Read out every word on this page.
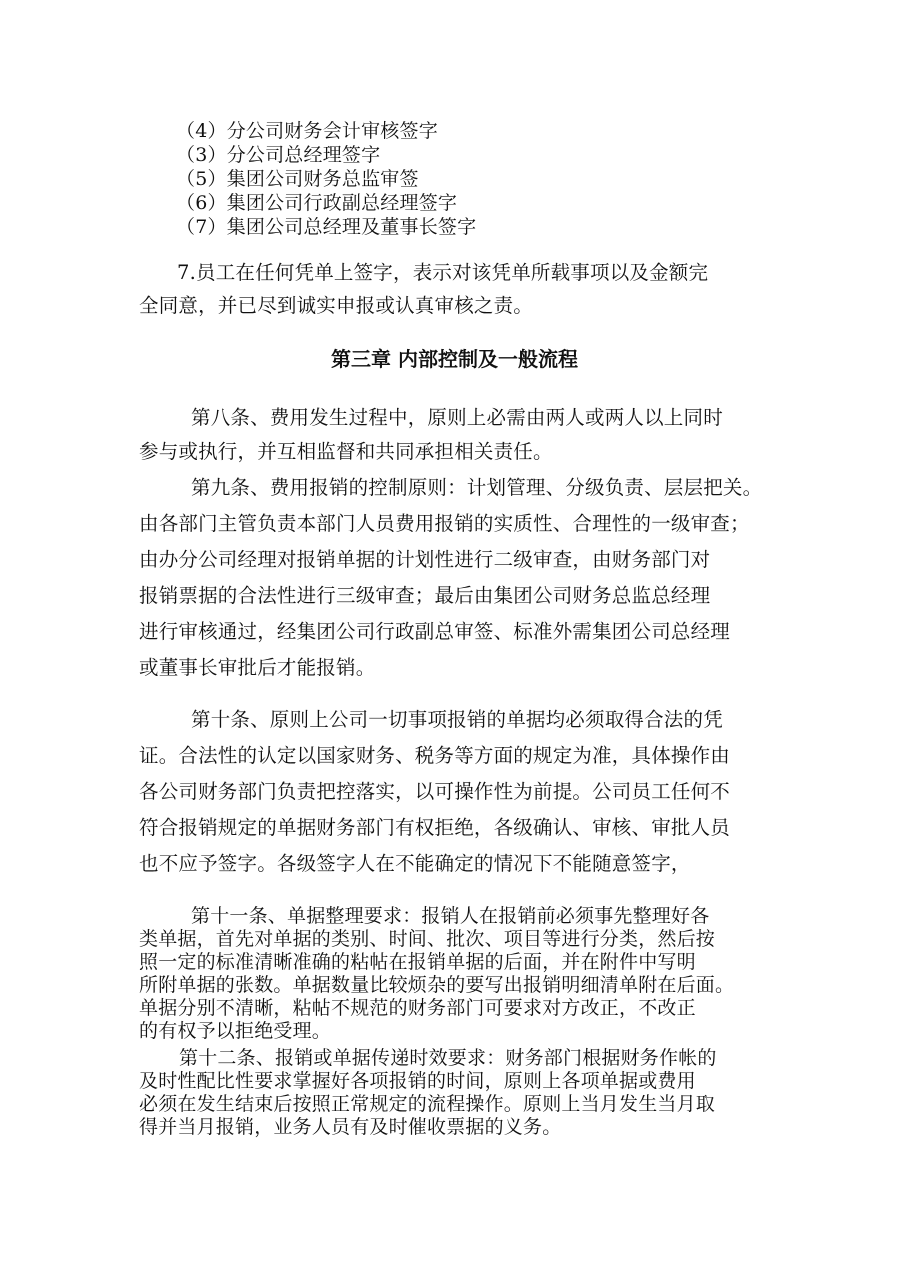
（4）分公司财务会计审核签字
（3）分公司总经理签字
（5）集团公司财务总监审签
（6）集团公司行政副总经理签字
（7）集团公司总经理及董事长签字
7.员工在任何凭单上签字，表示对该凭单所载事项以及金额完
全同意，并已尽到诚实申报或认真审核之责。
第三章 内部控制及一般流程
第八条、费用发生过程中，原则上必需由两人或两人以上同时
参与或执行，并互相监督和共同承担相关责任。
第九条、费用报销的控制原则：计划管理、分级负责、层层把关。
由各部门主管负责本部门人员费用报销的实质性、合理性的一级审查；
由办分公司经理对报销单据的计划性进行二级审查，由财务部门对
报销票据的合法性进行三级审查；最后由集团公司财务总监总经理
进行审核通过，经集团公司行政副总审签、标准外需集团公司总经理
或董事长审批后才能报销。
第十条、原则上公司一切事项报销的单据均必须取得合法的凭
证。合法性的认定以国家财务、税务等方面的规定为准，具体操作由
各公司财务部门负责把控落实，以可操作性为前提。公司员工任何不
符合报销规定的单据财务部门有权拒绝，各级确认、审核、审批人员
也不应予签字。各级签字人在不能确定的情况下不能随意签字，
第十一条、单据整理要求：报销人在报销前必须事先整理好各
类单据，首先对单据的类别、时间、批次、项目等进行分类，然后按
照一定的标准清晰准确的粘帖在报销单据的后面，并在附件中写明
所附单据的张数。单据数量比较烦杂的要写出报销明细清单附在后面。
单据分别不清晰，粘帖不规范的财务部门可要求对方改正，不改正
的有权予以拒绝受理。
第十二条、报销或单据传递时效要求：财务部门根据财务作帐的
及时性配比性要求掌握好各项报销的时间，原则上各项单据或费用
必须在发生结束后按照正常规定的流程操作。原则上当月发生当月取
得并当月报销，业务人员有及时催收票据的义务。
